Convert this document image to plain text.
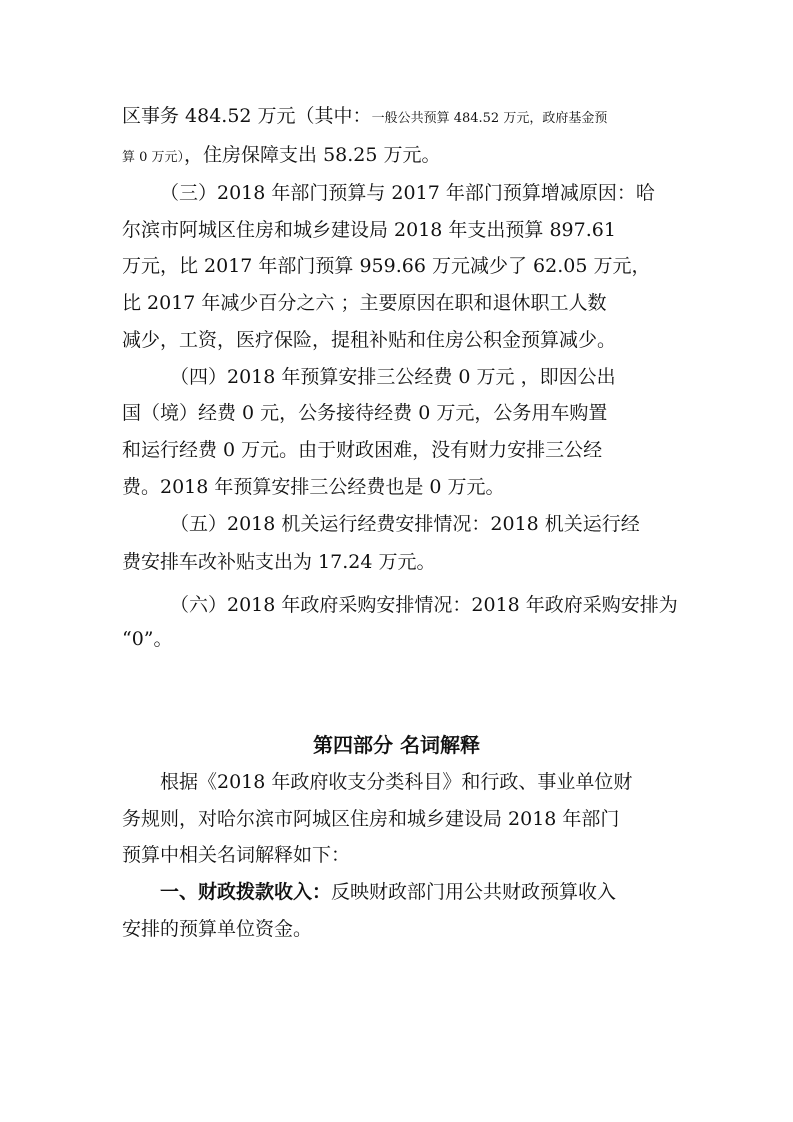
区事务 484.52 万元（其中：一般公共预算 484.52 万元，政府基金预
算 0 万元），住房保障支出 58.25 万元。
（三）2018 年部门预算与 2017 年部门预算增减原因：哈
尔滨市阿城区住房和城乡建设局 2018 年支出预算 897.61
万元，比 2017 年部门预算 959.66 万元减少了 62.05 万元，
比 2017 年减少百分之六 ；主要原因在职和退休职工人数
减少，工资，医疗保险，提租补贴和住房公积金预算减少。
（四）2018 年预算安排三公经费 0 万元 ，即因公出
国（境）经费 0 元，公务接待经费 0 万元，公务用车购置
和运行经费 0 万元。由于财政困难，没有财力安排三公经
费。2018 年预算安排三公经费也是 0 万元。
（五）2018 机关运行经费安排情况：2018 机关运行经
费安排车改补贴支出为 17.24 万元。
（六）2018 年政府采购安排情况：2018 年政府采购安排为
“0”。
第四部分 名词解释
根据《2018 年政府收支分类科目》和行政、事业单位财
务规则，对哈尔滨市阿城区住房和城乡建设局 2018 年部门
预算中相关名词解释如下：
一、财政拨款收入：反映财政部门用公共财政预算收入
安排的预算单位资金。
